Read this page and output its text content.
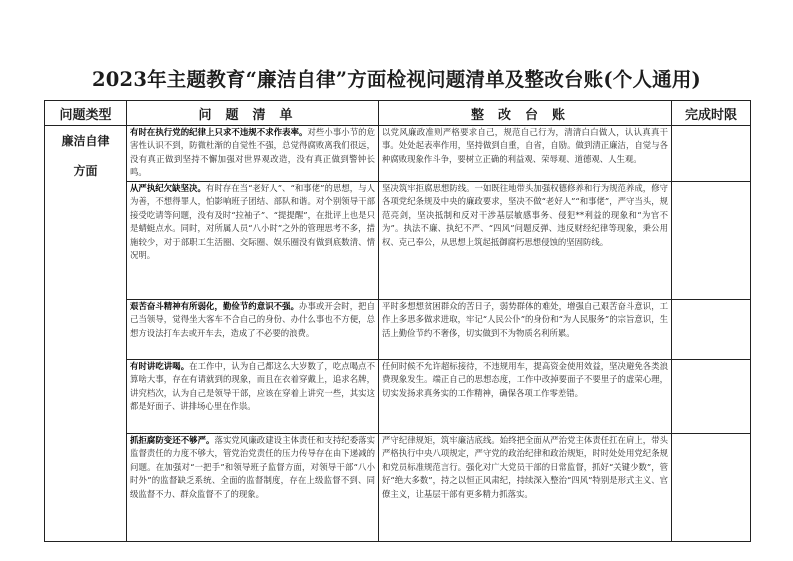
2023年主题教育“廉洁自律”方面检视问题清单及整改台账(个人通用)
问题类型	问题清单	整改台账	完成时限

廉洁自律
方面	有时在执行党的纪律上只求不违规不求作表率。对些小事小节的危害性认识不到，防微杜渐的自觉性不强，总觉得腐败离我们很远，没有真正做到坚持不懈加强对世界观改造，没有真正做到警钟长鸣。	以党风廉政准则严格要求自己，规范自己行为，清清白白做人，认认真真干事。处处起表率作用，坚持做到自重，自省，自励。做到清正廉洁，自觉与各种腐败现象作斗争，要树立正确的利益观、荣辱观、道德观、人生观。	
	从严执纪欠缺坚决。有时存在当“老好人”、“和事佬”的思想，与人为善，不想得罪人，怕影响班子团结、部队和谐。对个别领导干部接受吃请等问题，没有及时“拉袖子”、“提提醒”，在批评上也是只是蜻蜓点水。同时，对所属人员“八小时”之外的管理思考不多，措施较少，对于部职工生活圈、交际圈、娱乐圈没有做到底数清、情况明。	坚决筑牢拒腐思想防线。一如既往地带头加强权德修养和行为规范养成，修守各项党纪条规及中央的廉政要求，坚决不做“老好人”“和事佬”，严守当头，规范亮剑，坚决抵制和反对干涉基层敏感事务、侵犯**利益的现象和“为官不为”。执法不廉、执纪不严、“四风”问题反弹、违反财经纪律等现象，秉公用权、克己奉公，从思想上筑起抵御腐朽思想侵蚀的坚固防线。	
	艰苦奋斗精神有所弱化，勤俭节约意识不强。办事或开会时，把自己当领导，觉得坐大客车不合自己的身份、办什么事也不方便，总想方设法打车去或开车去，造成了不必要的浪费。	平时多想想贫困群众的苦日子，弱势群体的难处，增强自己艰苦奋斗意识，工作上多思多做求进取，牢记“人民公仆”的身份和“为人民服务”的宗旨意识，生活上勤俭节约不奢侈，切实做到不为物质名利所累。	
	有时讲吃讲喝。在工作中，认为自己都这么大岁数了，吃点喝点不算啥大事，存在有请就到的现象，而且在衣着穿戴上，追求名牌，讲究档次，认为自己是领导干部，应该在穿着上讲究一些，其实这都是好面子、讲排场心里在作祟。	任何时候不允许超标接待，不违规用车，提高资金使用效益，坚决避免各类浪费现象发生。端正自己的思想态度，工作中改掉要面子不要里子的虚荣心理，切实发扬求真务实的工作精神，确保各项工作零差错。	
	抓拒腐防变还不够严。落实党风廉政建设主体责任和支持纪委落实监督责任的力度不够大，管党治党责任的压力传导存在由下递减的问题。在加强对“一把手”和领导班子监督方面，对领导干部“八小时外”的监督缺乏系统、全面的监督制度，存在上级监督不到、同级监督不力、群众监督不了的现象。	严守纪律规矩，筑牢廉洁底线。始终把全面从严治党主体责任扛在肩上，带头严格执行中央八项规定，严守党的政治纪律和政治规矩，时时处处用党纪条规和党员标准规范言行。强化对广大党员干部的日常监督，抓好“关键少数”，管好“绝大多数”，持之以恒正风肃纪，持续深入整治“四风”特别是形式主义、官僚主义，让基层干部有更多精力抓落实。	
